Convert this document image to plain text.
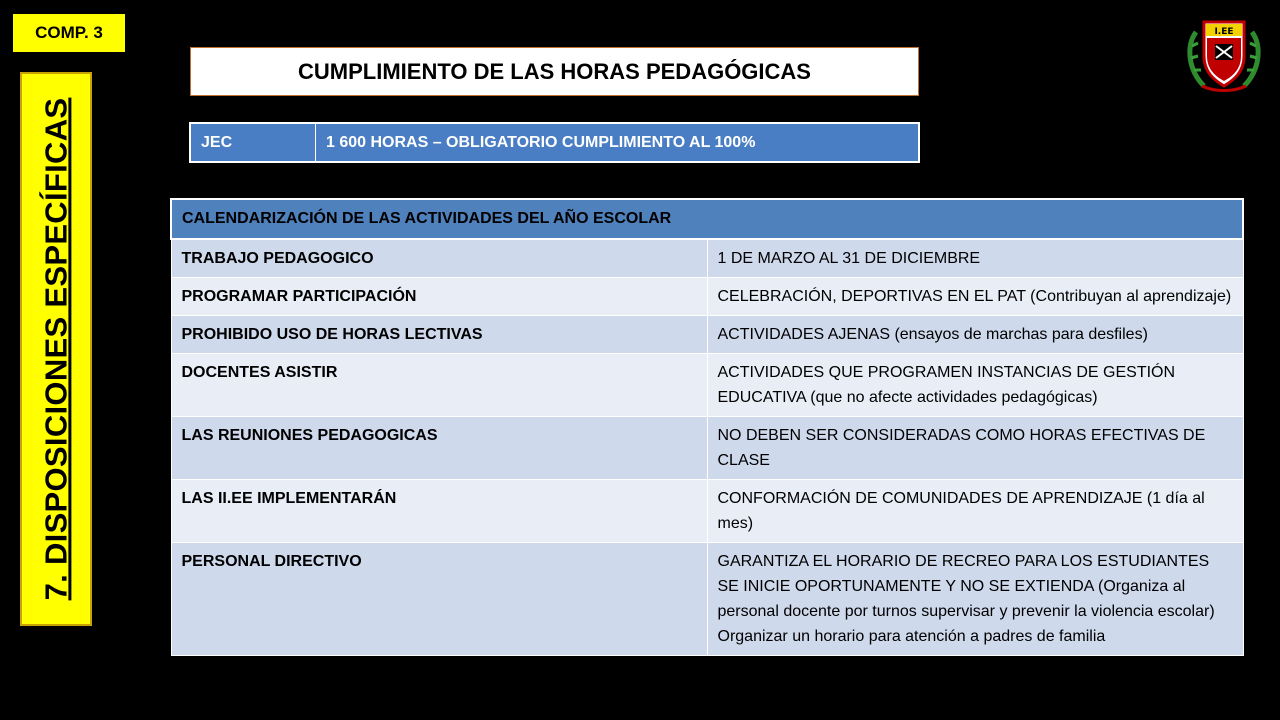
COMP. 3
7. DISPOSICIONES ESPECÍFICAS
CUMPLIMIENTO DE LAS HORAS PEDAGÓGICAS
JEC	1 600 HORAS – OBLIGATORIO CUMPLIMIENTO AL 100%
I.EE
CALENDARIZACIÓN DE LAS ACTIVIDADES DEL AÑO ESCOLAR	
TRABAJO PEDAGOGICO	1 DE MARZO AL 31 DE DICIEMBRE
PROGRAMAR PARTICIPACIÓN	CELEBRACIÓN, DEPORTIVAS EN EL PAT (Contribuyan al aprendizaje)
PROHIBIDO USO DE HORAS LECTIVAS	ACTIVIDADES AJENAS (ensayos de marchas para desfiles)
DOCENTES ASISTIR	ACTIVIDADES QUE PROGRAMEN INSTANCIAS DE GESTIÓN EDUCATIVA (que no afecte actividades pedagógicas)
LAS REUNIONES PEDAGOGICAS	NO DEBEN SER CONSIDERADAS COMO HORAS EFECTIVAS DE CLASE
LAS II.EE IMPLEMENTARÁN	CONFORMACIÓN DE COMUNIDADES DE APRENDIZAJE (1 día al mes)
PERSONAL DIRECTIVO	GARANTIZA EL HORARIO DE RECREO PARA LOS ESTUDIANTES SE INICIE OPORTUNAMENTE Y NO SE EXTIENDA (Organiza al personal docente por turnos supervisar y prevenir la violencia escolar)
Organizar un horario para atención a padres de familia
